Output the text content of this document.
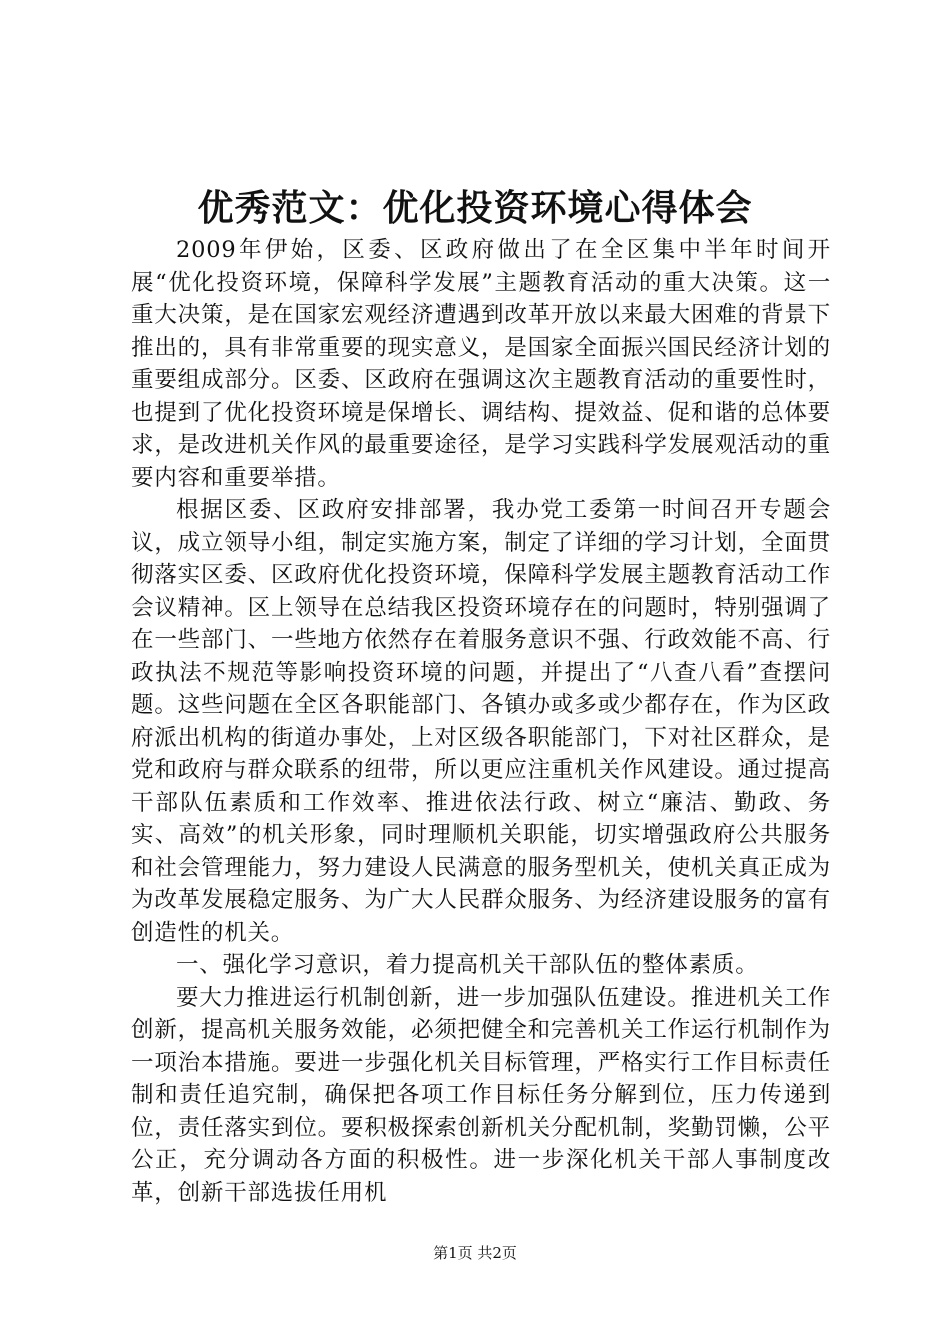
优秀范文：优化投资环境心得体会

2009年伊始，区委、区政府做出了在全区集中半年时间开展“优化投资环境，保障科学发展”主题教育活动的重大决策。这一重大决策，是在国家宏观经济遭遇到改革开放以来最大困难的背景下推出的，具有非常重要的现实意义，是国家全面振兴国民经济计划的重要组成部分。区委、区政府在强调这次主题教育活动的重要性时，也提到了优化投资环境是保增长、调结构、提效益、促和谐的总体要求，是改进机关作风的最重要途径，是学习实践科学发展观活动的重要内容和重要举措。

根据区委、区政府安排部署，我办党工委第一时间召开专题会议，成立领导小组，制定实施方案，制定了详细的学习计划，全面贯彻落实区委、区政府优化投资环境，保障科学发展主题教育活动工作会议精神。区上领导在总结我区投资环境存在的问题时，特别强调了在一些部门、一些地方依然存在着服务意识不强、行政效能不高、行政执法不规范等影响投资环境的问题，并提出了“八查八看”查摆问题。这些问题在全区各职能部门、各镇办或多或少都存在，作为区政府派出机构的街道办事处，上对区级各职能部门，下对社区群众，是党和政府与群众联系的纽带，所以更应注重机关作风建设。通过提高干部队伍素质和工作效率、推进依法行政、树立“廉洁、勤政、务实、高效”的机关形象，同时理顺机关职能，切实增强政府公共服务和社会管理能力，努力建设人民满意的服务型机关，使机关真正成为为改革发展稳定服务、为广大人民群众服务、为经济建设服务的富有创造性的机关。

一、强化学习意识，着力提高机关干部队伍的整体素质。

要大力推进运行机制创新，进一步加强队伍建设。推进机关工作创新，提高机关服务效能，必须把健全和完善机关工作运行机制作为一项治本措施。要进一步强化机关目标管理，严格实行工作目标责任制和责任追究制，确保把各项工作目标任务分解到位，压力传递到位，责任落实到位。要积极探索创新机关分配机制，奖勤罚懒，公平公正，充分调动各方面的积极性。进一步深化机关干部人事制度改革，创新干部选拔任用机

第1页 共2页
